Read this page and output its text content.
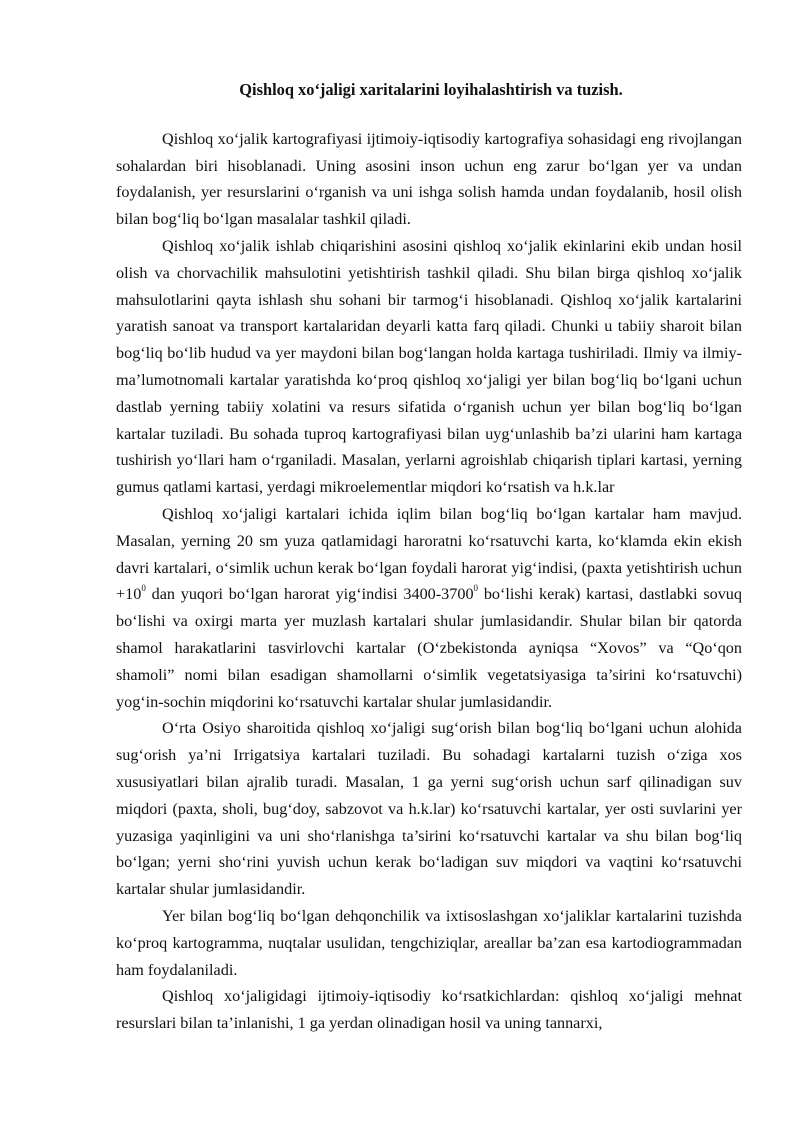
Qishloq xo‘jaligi xaritalarini loyihalashtirish va tuzish.

Qishloq xo‘jalik kartografiyasi ijtimoiy-iqtisodiy kartografiya sohasidagi eng rivojlangan sohalardan biri hisoblanadi. Uning asosini inson uchun eng zarur bo‘lgan yer va undan foydalanish, yer resurslarini o‘rganish va uni ishga solish hamda undan foydalanib, hosil olish bilan bog‘liq bo‘lgan masalalar tashkil qiladi.

Qishloq xo‘jalik ishlab chiqarishini asosini qishloq xo‘jalik ekinlarini ekib undan hosil olish va chorvachilik mahsulotini yetishtirish tashkil qiladi. Shu bilan birga qishloq xo‘jalik mahsulotlarini qayta ishlash shu sohani bir tarmog‘i hisoblanadi. Qishloq xo‘jalik kartalarini yaratish sanoat va transport kartalaridan deyarli katta farq qiladi. Chunki u tabiiy sharoit bilan bog‘liq bo‘lib hudud va yer maydoni bilan bog‘langan holda kartaga tushiriladi. Ilmiy va ilmiy-ma’lumotnomali kartalar yaratishda ko‘proq qishloq xo‘jaligi yer bilan bog‘liq bo‘lgani uchun dastlab yerning tabiiy xolatini va resurs sifatida o‘rganish uchun yer bilan bog‘liq bo‘lgan kartalar tuziladi. Bu sohada tuproq kartografiyasi bilan uyg‘unlashib ba’zi ularini ham kartaga tushirish yo‘llari ham o‘rganiladi. Masalan, yerlarni agroishlab chiqarish tiplari kartasi, yerning gumus qatlami kartasi, yerdagi mikroelementlar miqdori ko‘rsatish va h.k.lar

Qishloq xo‘jaligi kartalari ichida iqlim bilan bog‘liq bo‘lgan kartalar ham mavjud. Masalan, yerning 20 sm yuza qatlamidagi haroratni ko‘rsatuvchi karta, ko‘klamda ekin ekish davri kartalari, o‘simlik uchun kerak bo‘lgan foydali harorat yig‘indisi, (paxta yetishtirish uchun $+10^0$ dan yuqori bo‘lgan harorat yig‘indisi 3400-3700$^0$ bo‘lishi kerak) kartasi, dastlabki sovuq bo‘lishi va oxirgi marta yer muzlash kartalari shular jumlasidandir. Shular bilan bir qatorda shamol harakatlarini tasvirlovchi kartalar (O‘zbekistonda ayniqsa “Xovos” va “Qo‘qon shamoli” nomi bilan esadigan shamollarni o‘simlik vegetatsiyasiga ta’sirini ko‘rsatuvchi) yog‘in-sochin miqdorini ko‘rsatuvchi kartalar shular jumlasidandir.

O‘rta Osiyo sharoitida qishloq xo‘jaligi sug‘orish bilan bog‘liq bo‘lgani uchun alohida sug‘orish ya’ni Irrigatsiya kartalari tuziladi. Bu sohadagi kartalarni tuzish o‘ziga xos xususiyatlari bilan ajralib turadi. Masalan, 1 ga yerni sug‘orish uchun sarf qilinadigan suv miqdori (paxta, sholi, bug‘doy, sabzovot va h.k.lar) ko‘rsatuvchi kartalar, yer osti suvlarini yer yuzasiga yaqinligini va uni sho‘rlanishga ta’sirini ko‘rsatuvchi kartalar va shu bilan bog‘liq bo‘lgan; yerni sho‘rini yuvish uchun kerak bo‘ladigan suv miqdori va vaqtini ko‘rsatuvchi kartalar shular jumlasidandir.

Yer bilan bog‘liq bo‘lgan dehqonchilik va ixtisoslashgan xo‘jaliklar kartalarini tuzishda ko‘proq kartogramma, nuqtalar usulidan, tengchiziqlar, areallar ba’zan esa kartodiogrammadan ham foydalaniladi.

Qishloq xo‘jaligidagi ijtimoiy-iqtisodiy ko‘rsatkichlardan: qishloq xo‘jaligi mehnat resurslari bilan ta’inlanishi, 1 ga yerdan olinadigan hosil va uning tannarxi,
